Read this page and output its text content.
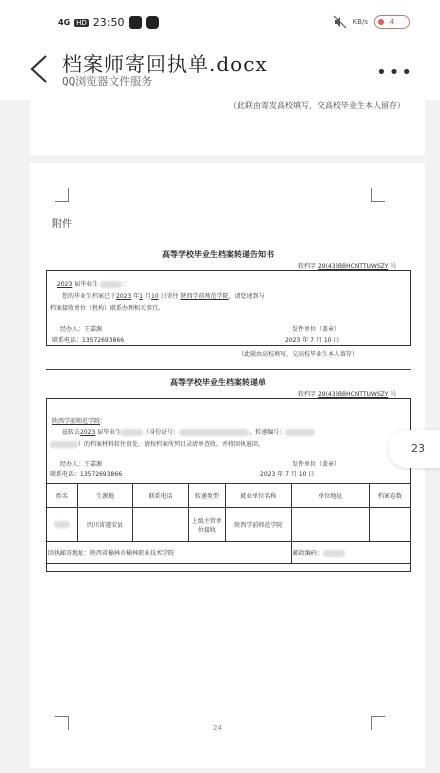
4G HD 23:50	KB/s	4
档案师寄回执单.docx
QQ浏览器文件服务	•••
（此联由寄发高校填写，交高校毕业生本人留存）
附件
高等学校毕业生档案转递告知书
转档字 29(43)BBHCNTTUWSZY 号
2023 届毕业生	：
您的毕业生档案已于2023 年1 月10 日寄往 陕西学前师范学院，请您速到与
档案接收单位（机构）联系办理相关事宜。
经办人：王嘉源	发件单位（盖章）
联系电话：13572693866	2023 年 7 月 10 日
（此联由高校填写，交高校毕业生本人留存）
高等学校毕业生档案转递单
转档字 29(43)BBHCNTTUWSZY 号
陕西学前师范学院：
兹转去2023 届毕业生	（身份证号：	，转递编号：
）的档案材料转往贵处，请按档案所列目录清单查收，并将回执退回。
经办人：王嘉源	发件单位（盖章）
联系电话：13572693866	2023 年 7 月 10 日
姓名	生源地	联系电话	转递类型	就业单位名称	单位地址	档案卷数
	四川省遂安县		上级主管单位接收	陕西学前师范学院		
回执邮寄地址：陕西省榆林市榆林职业技术学院					邮政编码：	
24
23
